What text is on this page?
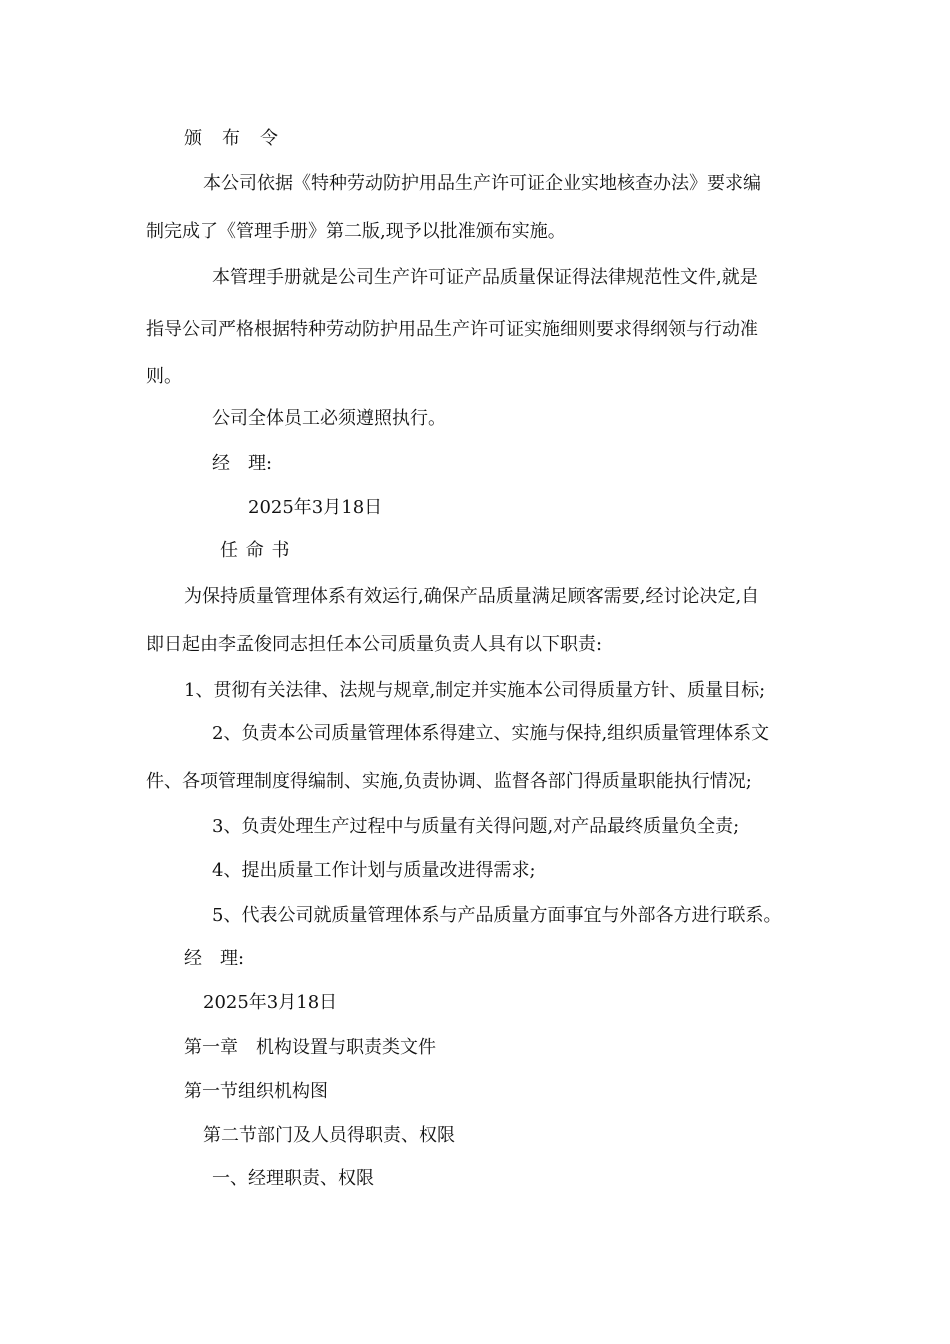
颁　布　令

本公司依据《特种劳动防护用品生产许可证企业实地核查办法》要求编

制完成了《管理手册》第二版,现予以批准颁布实施。

本管理手册就是公司生产许可证产品质量保证得法律规范性文件,就是

指导公司严格根据特种劳动防护用品生产许可证实施细则要求得纲领与行动准

则。

公司全体员工必须遵照执行。

经　理:

2025年3月18日

任 命 书

为保持质量管理体系有效运行,确保产品质量满足顾客需要,经讨论决定,自

即日起由李孟俊同志担任本公司质量负责人具有以下职责:

1、贯彻有关法律、法规与规章,制定并实施本公司得质量方针、质量目标;

2、负责本公司质量管理体系得建立、实施与保持,组织质量管理体系文

件、各项管理制度得编制、实施,负责协调、监督各部门得质量职能执行情况;

3、负责处理生产过程中与质量有关得问题,对产品最终质量负全责;

4、提出质量工作计划与质量改进得需求;

5、代表公司就质量管理体系与产品质量方面事宜与外部各方进行联系。

经　理:

2025年3月18日

第一章　机构设置与职责类文件

第一节组织机构图

第二节部门及人员得职责、权限

一、经理职责、权限
